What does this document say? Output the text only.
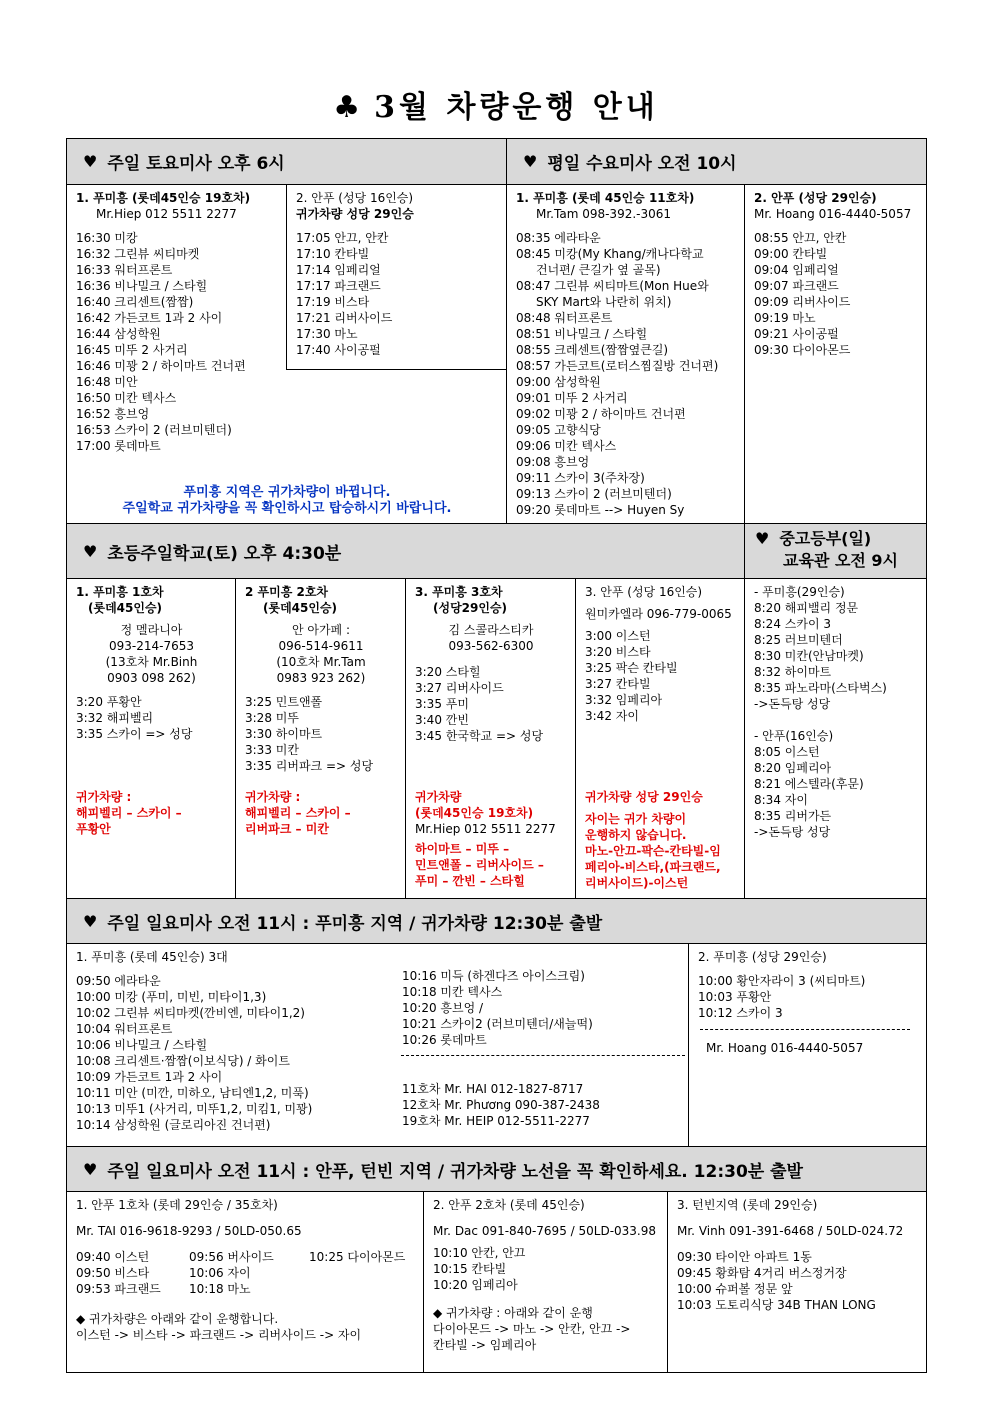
♣ 3월 차량운행 안내
♥ 주일 토요미사 오후 6시	♥ 평일 수요미사 오전 10시
1. 푸미흥 (롯데45인승 19호차)
Mr.Hiep 012 5511 2277
16:30 미캉
16:32 그린뷰 씨티마켓
16:33 워터프론트
16:36 비나밀크 / 스타힐
16:40 크리센트(짬짬)
16:42 가든코트 1과 2 사이
16:44 삼성학원
16:45 미뚜 2 사거리
16:46 미꽝 2 / 하이마트 건너편
16:48 미안
16:50 미칸 텍사스
16:52 흥브엉
16:53 스카이 2 (러브미텐더)
17:00 롯데마트
2. 안푸 (성당 16인승)
귀가차량 성당 29인승
17:05 안끄, 안칸
17:10 칸타빌
17:14 임페리얼
17:17 파크랜드
17:19 비스타
17:21 리버사이드
17:30 마노
17:40 사이공펄
푸미흥 지역은 귀가차량이 바뀝니다.
주일학교 귀가차량을 꼭 확인하시고 탑승하시기 바랍니다.
1. 푸미흥 (롯데 45인승 11호차)
Mr.Tam 098-392.-3061
08:35 에라타운
08:45 미캉(My Khang/캐나다학교
건너편/ 큰길가 옆 골목)
08:47 그린뷰 씨티마트(Mon Hue와
SKY Mart와 나란히 위치)
08:48 워터프론트
08:51 비나밀크 / 스타힐
08:55 크레센트(짬짬옆큰길)
08:57 가든코트(로터스찜질방 건너편)
09:00 삼성학원
09:01 미뚜 2 사거리
09:02 미꽝 2 / 하이마트 건너편
09:05 고향식당
09:06 미칸 텍사스
09:08 흥브엉
09:11 스카이 3(주차장)
09:13 스카이 2 (러브미텐더)
09:20 롯데마트 --> Huyen Sy
2. 안푸 (성당 29인승)
Mr. Hoang 016-4440-5057
08:55 안끄, 안칸
09:00 칸타빌
09:04 임페리얼
09:07 파크랜드
09:09 리버사이드
09:19 마노
09:21 사이공펄
09:30 다이아몬드
♥ 초등주일학교(토) 오후 4:30분
♥ 중고등부(일)
교육관 오전 9시
1. 푸미흥 1호차
(롯데45인승)
정 멜라니아
093-214-7653
(13호차 Mr.Binh
0903 098 262)
3:20 푸황안
3:32 해피벨리
3:35 스카이 => 성당
귀가차량 :
해피벨리 – 스카이 –
푸황안
2 푸미흥 2호차
(롯데45인승)
안 아가페 :
096-514-9611
(10호차 Mr.Tam
0983 923 262)
3:25 민트앤폴
3:28 미뚜
3:30 하이마트
3:33 미칸
3:35 리버파크 => 성당
귀가차량 :
해피벨리 – 스카이 –
리버파크 – 미칸
3. 푸미흥 3호차
(성당29인승)
김 스콜라스티카
093-562-6300
3:20 스타힐
3:27 리버사이드
3:35 푸미
3:40 깐빈
3:45 한국학교 => 성당
귀가차량
(롯데45인승 19호차)
Mr.Hiep 012 5511 2277
하이마트 – 미뚜 –
민트앤폴 – 리버사이드 –
푸미 – 깐빈 – 스타힐
3. 안푸 (성당 16인승)
원미카엘라 096-779-0065
3:00 이스턴
3:20 비스타
3:25 팍슨 칸타빌
3:27 칸타빌
3:32 임페리아
3:42 자이
귀가차량 성당 29인승
자이는 귀가 차량이
운행하지 않습니다.
마노-안끄-팍슨-칸타빌-임
페리아-비스타,(파크랜드,
리버사이드)-이스턴
- 푸미흥(29인승)
8:20 해피밸리 정문
8:24 스카이 3
8:25 러브미텐더
8:30 미칸(안남마켓)
8:32 하이마트
8:35 파노라마(스타벅스)
->돈득탕 성당
- 안푸(16인승)
8:05 이스턴
8:20 임페리아
8:21 에스텔라(후문)
8:34 자이
8:35 리버가든
->돈득탕 성당
♥ 주일 일요미사 오전 11시 : 푸미흥 지역 / 귀가차량 12:30분 출발
1. 푸미흥 (롯데 45인승) 3대
09:50 에라타운
10:00 미캉 (푸미, 미빈, 미타이1,3)
10:02 그린뷰 씨티마켓(깐비엔, 미타이1,2)
10:04 워터프론트
10:06 비나밀크 / 스타힐
10:08 크리센트·짬짬(이보식당) / 화이트
10:09 가든코트 1과 2 사이
10:11 미안 (미깐, 미하오, 남티엔1,2, 미푹)
10:13 미뚜1 (사거리, 미뚜1,2, 미킴1, 미꽝)
10:14 삼성학원 (글로리아진 건너편)
10:16 미득 (하겐다즈 아이스크림)
10:18 미칸 텍사스
10:20 흥브엉 /
10:21 스카이2 (러브미텐더/새늘떡)
10:26 롯데마트
11호차 Mr. HAI 012-1827-8717
12호차 Mr. Phương 090-387-2438
19호차 Mr. HEIP 012-5511-2277
2. 푸미흥 (성당 29인승)
10:00 황안자라이 3 (씨티마트)
10:03 푸황안
10:12 스카이 3
Mr. Hoang 016-4440-5057
♥ 주일 일요미사 오전 11시 : 안푸, 턴빈 지역 / 귀가차량 노선을 꼭 확인하세요. 12:30분 출발
1. 안푸 1호차 (롯데 29인승 / 35호차)
Mr. TAI 016-9618-9293 / 50LD-050.65
09:40 이스턴
09:50 비스타
09:53 파크랜드
09:56 버사이드
10:06 자이
10:18 마노
10:25 다이아몬드
◆ 귀가차량은 아래와 같이 운행합니다.
이스턴 -> 비스타 -> 파크랜드 -> 리버사이드 -> 자이
2. 안푸 2호차 (롯데 45인승)
Mr. Dac 091-840-7695 / 50LD-033.98
10:10 안칸, 안끄
10:15 칸타빌
10:20 임페리아
◆ 귀가차량 : 아래와 같이 운행
다이아몬드 -> 마노 -> 안칸, 안끄 ->
칸타빌 -> 임페리아
3. 턴빈지역 (롯데 29인승)
Mr. Vinh 091-391-6468 / 50LD-024.72
09:30 타이안 아파트 1동
09:45 황화탐 4거리 버스정거장
10:00 슈퍼볼 정문 앞
10:03 도토리식당 34B THAN LONG
